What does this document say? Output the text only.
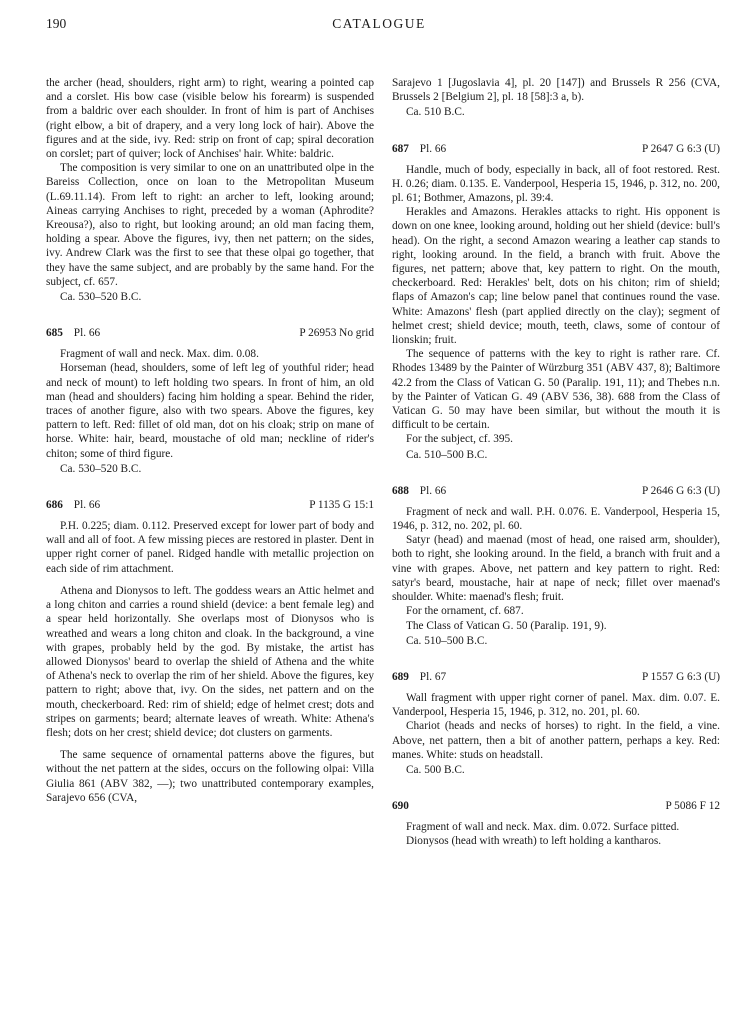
190	CATALOGUE

the archer (head, shoulders, right arm) to right, wearing a pointed cap and a corslet. His bow case (visible below his forearm) is suspended from a baldric over each shoulder. In front of him is part of Anchises (right elbow, a bit of drapery, and a very long lock of hair). Above the figures and at the side, ivy. Red: strip on front of cap; spiral decoration on corslet; part of quiver; lock of Anchises' hair. White: baldric.

The composition is very similar to one on an unattributed olpe in the Bareiss Collection, once on loan to the Metropolitan Museum (L.69.11.14). From left to right: an archer to left, looking around; Aineas carrying Anchises to right, preceded by a woman (Aphrodite? Kreousa?), also to right, but looking around; an old man facing them, holding a spear. Above the figures, ivy, then net pattern; on the sides, ivy. Andrew Clark was the first to see that these olpai go together, that they have the same subject, and are probably by the same hand. For the subject, cf. 657.

Ca. 530–520 B.C.

685 Pl. 66	P 26953 No grid

Fragment of wall and neck. Max. dim. 0.08.

Horseman (head, shoulders, some of left leg of youthful rider; head and neck of mount) to left holding two spears. In front of him, an old man (head and shoulders) facing him holding a spear. Behind the rider, traces of another figure, also with two spears. Above the figures, key pattern to left. Red: fillet of old man, dot on his cloak; strip on mane of horse. White: hair, beard, moustache of old man; neckline of rider's chiton; some of third figure.

Ca. 530–520 B.C.

686 Pl. 66	P 1135 G 15:1

P.H. 0.225; diam. 0.112. Preserved except for lower part of body and wall and all of foot. A few missing pieces are restored in plaster. Dent in upper right corner of panel. Ridged handle with metallic projection on each side of rim attachment.

Athena and Dionysos to left. The goddess wears an Attic helmet and a long chiton and carries a round shield (device: a bent female leg) and a spear held horizontally. She overlaps most of Dionysos who is wreathed and wears a long chiton and cloak. In the background, a vine with grapes, probably held by the god. By mistake, the artist has allowed Dionysos' beard to overlap the shield of Athena and the white of Athena's neck to overlap the rim of her shield. Above the figures, key pattern to right; above that, ivy. On the sides, net pattern and on the mouth, checkerboard. Red: rim of shield; edge of helmet crest; dots and stripes on garments; beard; alternate leaves of wreath. White: Athena's flesh; dots on her crest; shield device; dot clusters on garments.

The same sequence of ornamental patterns above the figures, but without the net pattern at the sides, occurs on the following olpai: Villa Giulia 861 (ABV 382, —); two unattributed contemporary examples, Sarajevo 656 (CVA,

Sarajevo 1 [Jugoslavia 4], pl. 20 [147]) and Brussels R 256 (CVA, Brussels 2 [Belgium 2], pl. 18 [58]:3 a, b).

Ca. 510 B.C.

687 Pl. 66	P 2647 G 6:3 (U)

Handle, much of body, especially in back, all of foot restored. Rest. H. 0.26; diam. 0.135. E. Vanderpool, Hesperia 15, 1946, p. 312, no. 200, pl. 61; Bothmer, Amazons, pl. 39:4.

Herakles and Amazons. Herakles attacks to right. His opponent is down on one knee, looking around, holding out her shield (device: bull's head). On the right, a second Amazon wearing a leather cap stands to right, looking around. In the field, a branch with fruit. Above the figures, net pattern; above that, key pattern to right. On the mouth, checkerboard. Red: Herakles' belt, dots on his chiton; rim of shield; flaps of Amazon's cap; line below panel that continues round the vase. White: Amazons' flesh (part applied directly on the clay); segment of helmet crest; shield device; mouth, teeth, claws, some of contour of lionskin; fruit.

The sequence of patterns with the key to right is rather rare. Cf. Rhodes 13489 by the Painter of Würzburg 351 (ABV 437, 8); Baltimore 42.2 from the Class of Vatican G. 50 (Paralip. 191, 11); and Thebes n.n. by the Painter of Vatican G. 49 (ABV 536, 38). 688 from the Class of Vatican G. 50 may have been similar, but without the mouth it is difficult to be certain.

For the subject, cf. 395.

Ca. 510–500 B.C.

688 Pl. 66	P 2646 G 6:3 (U)

Fragment of neck and wall. P.H. 0.076. E. Vanderpool, Hesperia 15, 1946, p. 312, no. 202, pl. 60.

Satyr (head) and maenad (most of head, one raised arm, shoulder), both to right, she looking around. In the field, a branch with fruit and a vine with grapes. Above, net pattern and key pattern to right. Red: satyr's beard, moustache, hair at nape of neck; fillet over maenad's shoulder. White: maenad's flesh; fruit.

For the ornament, cf. 687.

The Class of Vatican G. 50 (Paralip. 191, 9).

Ca. 510–500 B.C.

689 Pl. 67	P 1557 G 6:3 (U)

Wall fragment with upper right corner of panel. Max. dim. 0.07. E. Vanderpool, Hesperia 15, 1946, p. 312, no. 201, pl. 60.

Chariot (heads and necks of horses) to right. In the field, a vine. Above, net pattern, then a bit of another pattern, perhaps a key. Red: manes. White: studs on headstall.

Ca. 500 B.C.

690	P 5086 F 12

Fragment of wall and neck. Max. dim. 0.072. Surface pitted.

Dionysos (head with wreath) to left holding a kantharos.
